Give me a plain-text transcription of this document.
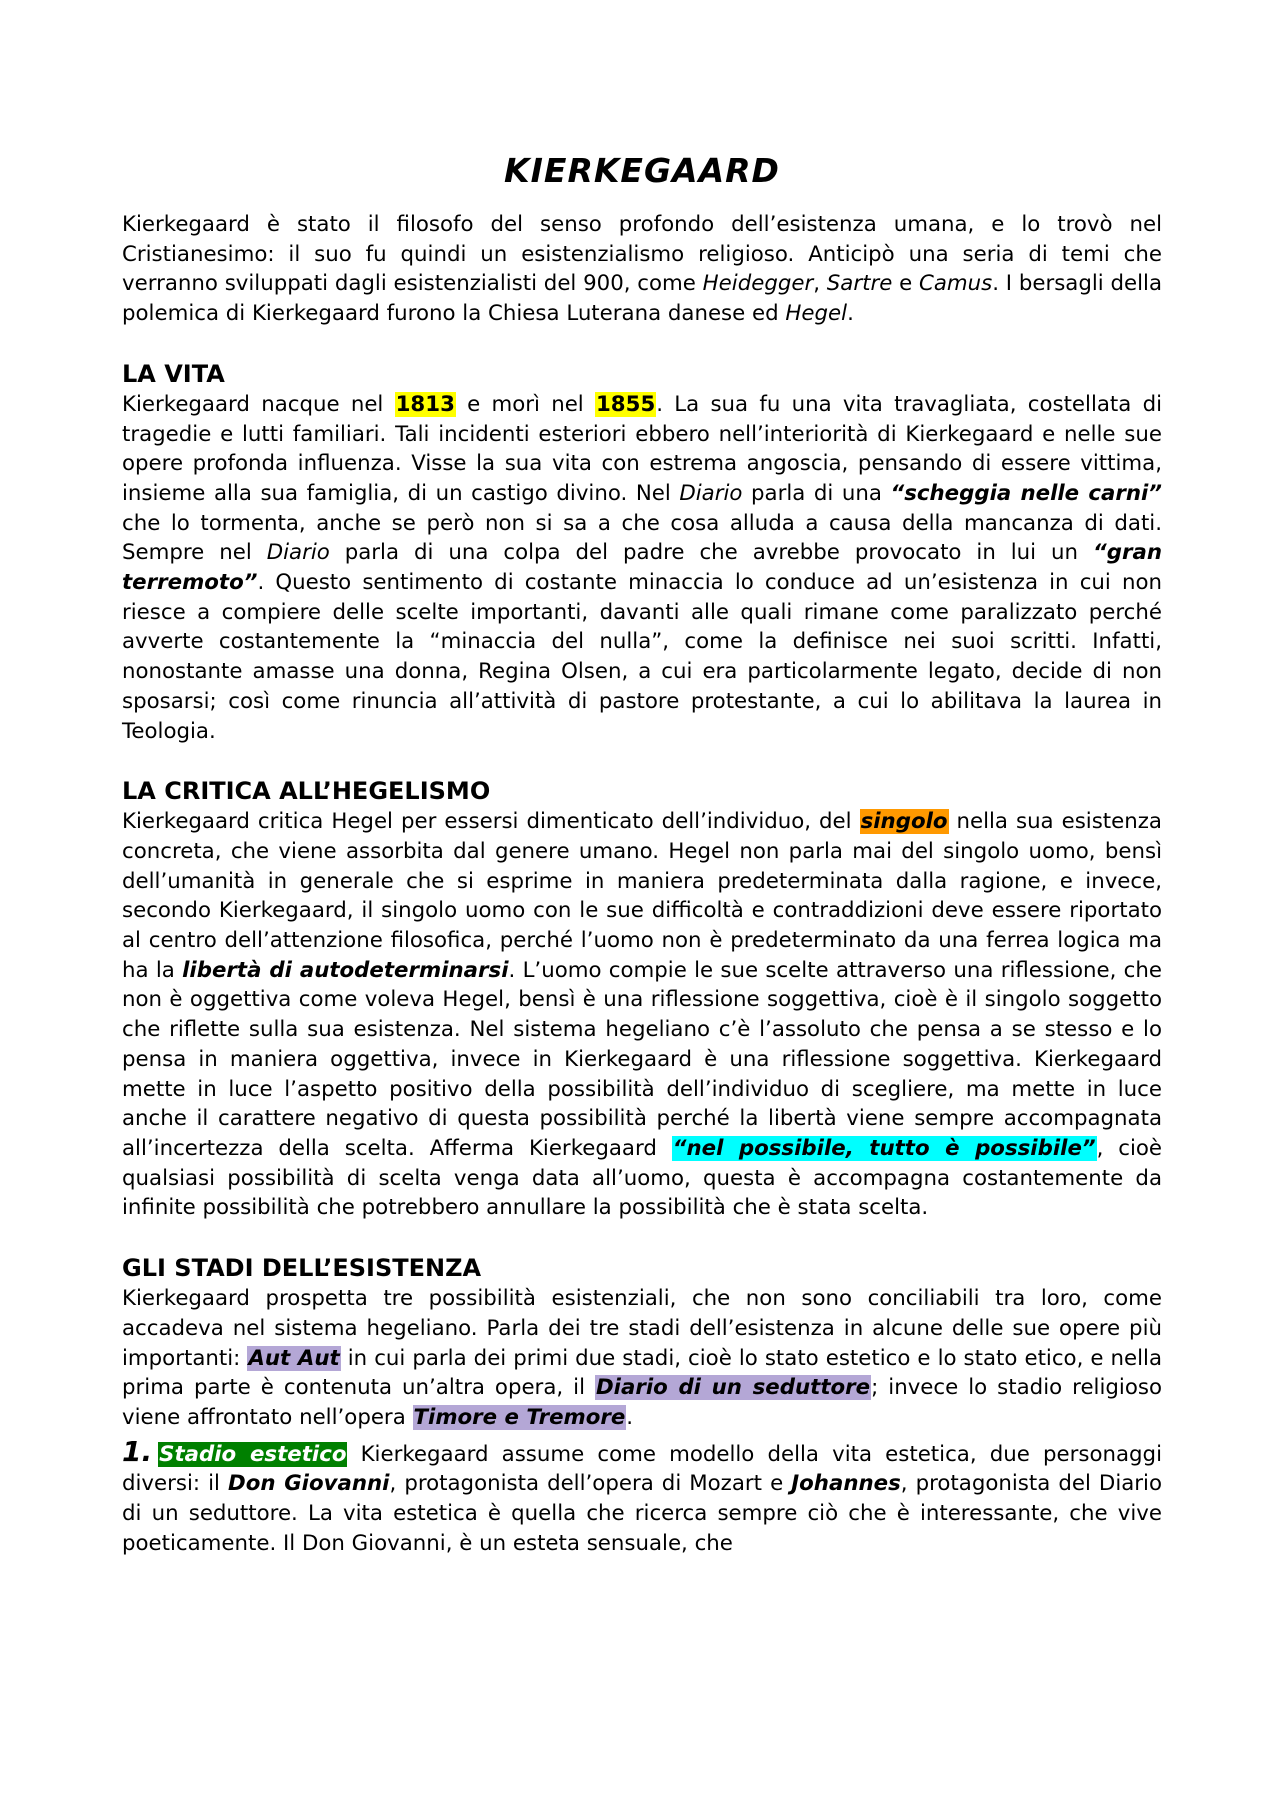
KIERKEGAARD

Kierkegaard è stato il filosofo del senso profondo dell’esistenza umana, e lo trovò nel Cristianesimo: il suo fu quindi un esistenzialismo religioso. Anticipò una seria di temi che verranno sviluppati dagli esistenzialisti del 900, come Heidegger, Sartre e Camus. I bersagli della polemica di Kierkegaard furono la Chiesa Luterana danese ed Hegel.

LA VITA

Kierkegaard nacque nel 1813 e morì nel 1855. La sua fu una vita travagliata, costellata di tragedie e lutti familiari. Tali incidenti esteriori ebbero nell’interiorità di Kierkegaard e nelle sue opere profonda influenza. Visse la sua vita con estrema angoscia, pensando di essere vittima, insieme alla sua famiglia, di un castigo divino. Nel Diario parla di una “scheggia nelle carni” che lo tormenta, anche se però non si sa a che cosa alluda a causa della mancanza di dati. Sempre nel Diario parla di una colpa del padre che avrebbe provocato in lui un “gran terremoto”. Questo sentimento di costante minaccia lo conduce ad un’esistenza in cui non riesce a compiere delle scelte importanti, davanti alle quali rimane come paralizzato perché avverte costantemente la “minaccia del nulla”, come la definisce nei suoi scritti. Infatti, nonostante amasse una donna, Regina Olsen, a cui era particolarmente legato, decide di non sposarsi; così come rinuncia all’attività di pastore protestante, a cui lo abilitava la laurea in Teologia.

LA CRITICA ALL’HEGELISMO

Kierkegaard critica Hegel per essersi dimenticato dell’individuo, del singolo nella sua esistenza concreta, che viene assorbita dal genere umano. Hegel non parla mai del singolo uomo, bensì dell’umanità in generale che si esprime in maniera predeterminata dalla ragione, e invece, secondo Kierkegaard, il singolo uomo con le sue difficoltà e contraddizioni deve essere riportato al centro dell’attenzione filosofica, perché l’uomo non è predeterminato da una ferrea logica ma ha la libertà di autodeterminarsi. L’uomo compie le sue scelte attraverso una riflessione, che non è oggettiva come voleva Hegel, bensì è una riflessione soggettiva, cioè è il singolo soggetto che riflette sulla sua esistenza. Nel sistema hegeliano c’è l’assoluto che pensa a se stesso e lo pensa in maniera oggettiva, invece in Kierkegaard è una riflessione soggettiva. Kierkegaard mette in luce l’aspetto positivo della possibilità dell’individuo di scegliere, ma mette in luce anche il carattere negativo di questa possibilità perché la libertà viene sempre accompagnata all’incertezza della scelta. Afferma Kierkegaard “nel possibile, tutto è possibile”, cioè qualsiasi possibilità di scelta venga data all’uomo, questa è accompagna costantemente da infinite possibilità che potrebbero annullare la possibilità che è stata scelta.

GLI STADI DELL’ESISTENZA

Kierkegaard prospetta tre possibilità esistenziali, che non sono conciliabili tra loro, come accadeva nel sistema hegeliano. Parla dei tre stadi dell’esistenza in alcune delle sue opere più importanti: Aut Aut in cui parla dei primi due stadi, cioè lo stato estetico e lo stato etico, e nella prima parte è contenuta un’altra opera, il Diario di un seduttore; invece lo stadio religioso viene affrontato nell’opera Timore e Tremore.

1. Stadio estetico Kierkegaard assume come modello della vita estetica, due personaggi diversi: il Don Giovanni, protagonista dell’opera di Mozart e Johannes, protagonista del Diario di un seduttore. La vita estetica è quella che ricerca sempre ciò che è interessante, che vive poeticamente. Il Don Giovanni, è un esteta sensuale, che
